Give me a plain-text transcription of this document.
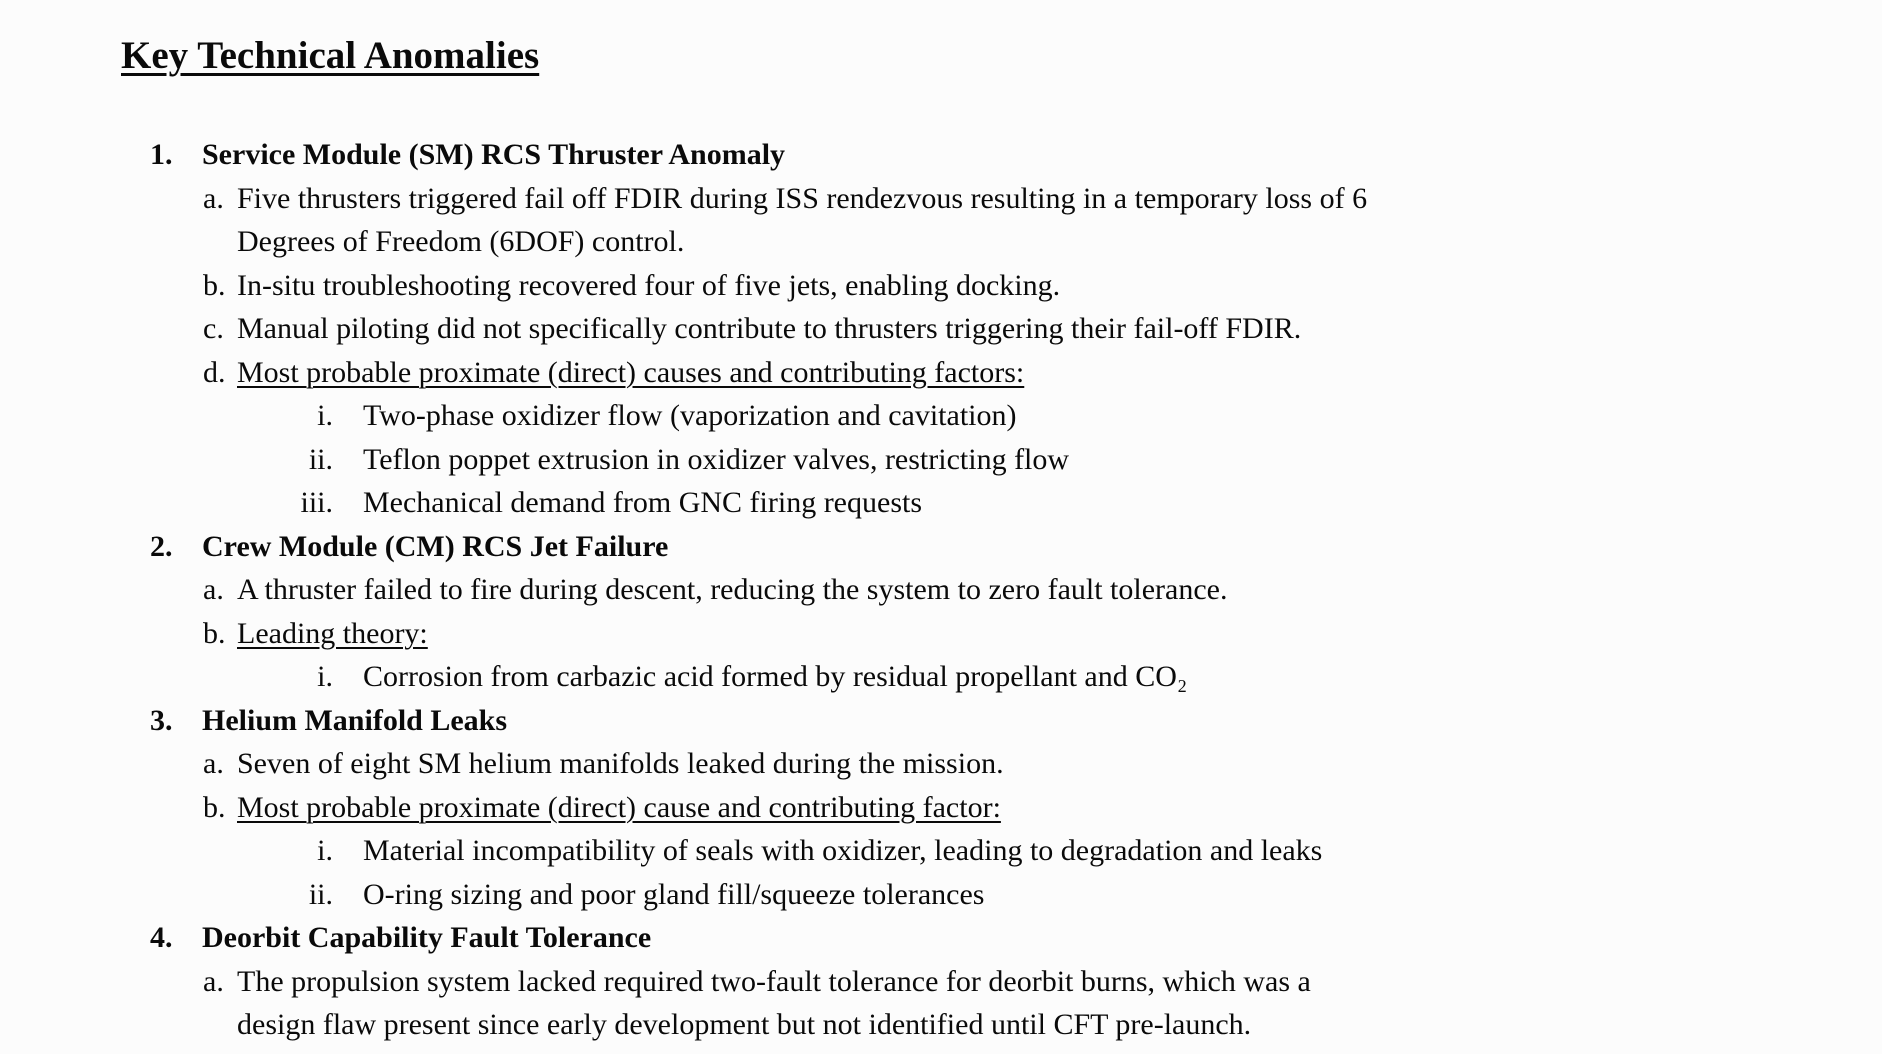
Key Technical Anomalies
1. Service Module (SM) RCS Thruster Anomaly
a. Five thrusters triggered fail off FDIR during ISS rendezvous resulting in a temporary loss of 6
Degrees of Freedom (6DOF) control.
b. In-situ troubleshooting recovered four of five jets, enabling docking.
c. Manual piloting did not specifically contribute to thrusters triggering their fail-off FDIR.
d. Most probable proximate (direct) causes and contributing factors:
i. Two-phase oxidizer flow (vaporization and cavitation)
ii. Teflon poppet extrusion in oxidizer valves, restricting flow
iii. Mechanical demand from GNC firing requests
2. Crew Module (CM) RCS Jet Failure
a. A thruster failed to fire during descent, reducing the system to zero fault tolerance.
b. Leading theory:
i. Corrosion from carbazic acid formed by residual propellant and CO₂
3. Helium Manifold Leaks
a. Seven of eight SM helium manifolds leaked during the mission.
b. Most probable proximate (direct) cause and contributing factor:
i. Material incompatibility of seals with oxidizer, leading to degradation and leaks
ii. O-ring sizing and poor gland fill/squeeze tolerances
4. Deorbit Capability Fault Tolerance
a. The propulsion system lacked required two-fault tolerance for deorbit burns, which was a
design flaw present since early development but not identified until CFT pre-launch.
